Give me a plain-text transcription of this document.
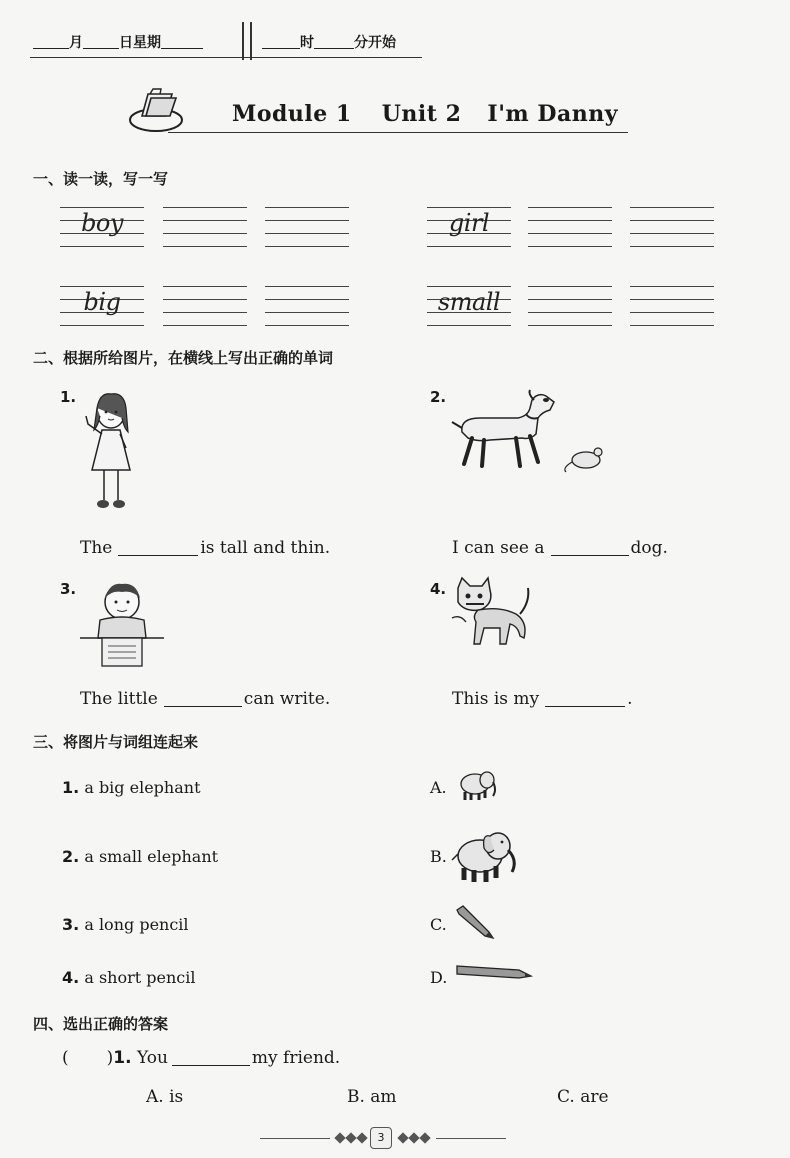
月	日星期	时	分开始
Module 1 Unit 2 I'm Danny
一、读一读，写一写
boy	girl
big	small
二、根据所给图片，在横线上写出正确的单词
1.
The	is tall and thin.
2.
I can see a	dog.
3.
The little	can write.
4.
This is my	.
三、将图片与词组连起来
1. a big elephant
2. a small elephant
3. a long pencil
4. a short pencil
A.
B.
C.
D.
四、选出正确的答案
( )1. You	my friend.
A. is	B. am	C. are
3
